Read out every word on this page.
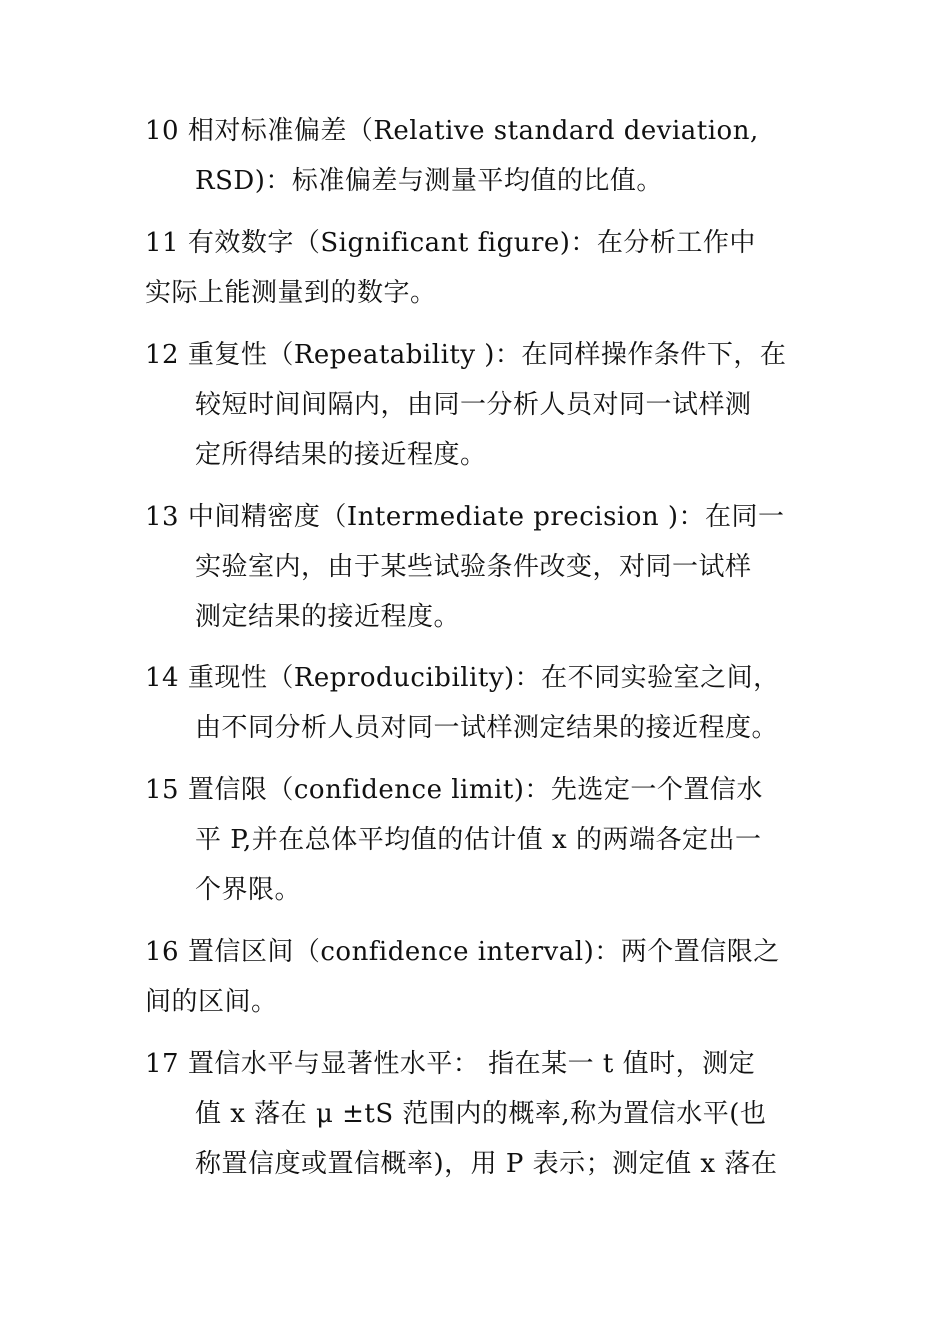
10 相对标准偏差（Relative standard deviation,
RSD)：标准偏差与测量平均值的比值。
11 有效数字（Significant figure)：在分析工作中
实际上能测量到的数字。
12 重复性（Repeatability )：在同样操作条件下，在
较短时间间隔内，由同一分析人员对同一试样测
定所得结果的接近程度。
13 中间精密度（Intermediate precision )：在同一
实验室内，由于某些试验条件改变，对同一试样
测定结果的接近程度。
14 重现性（Reproducibility)：在不同实验室之间，
由不同分析人员对同一试样测定结果的接近程度。
15 置信限（confidence limit)：先选定一个置信水
平 P,并在总体平均值的估计值 x 的两端各定出一
个界限。
16 置信区间（confidence interval)：两个置信限之
间的区间。
17 置信水平与显著性水平： 指在某一 t 值时，测定
值 x 落在 μ ±tS 范围内的概率,称为置信水平(也
称置信度或置信概率)，用 P 表示；测定值 x 落在
